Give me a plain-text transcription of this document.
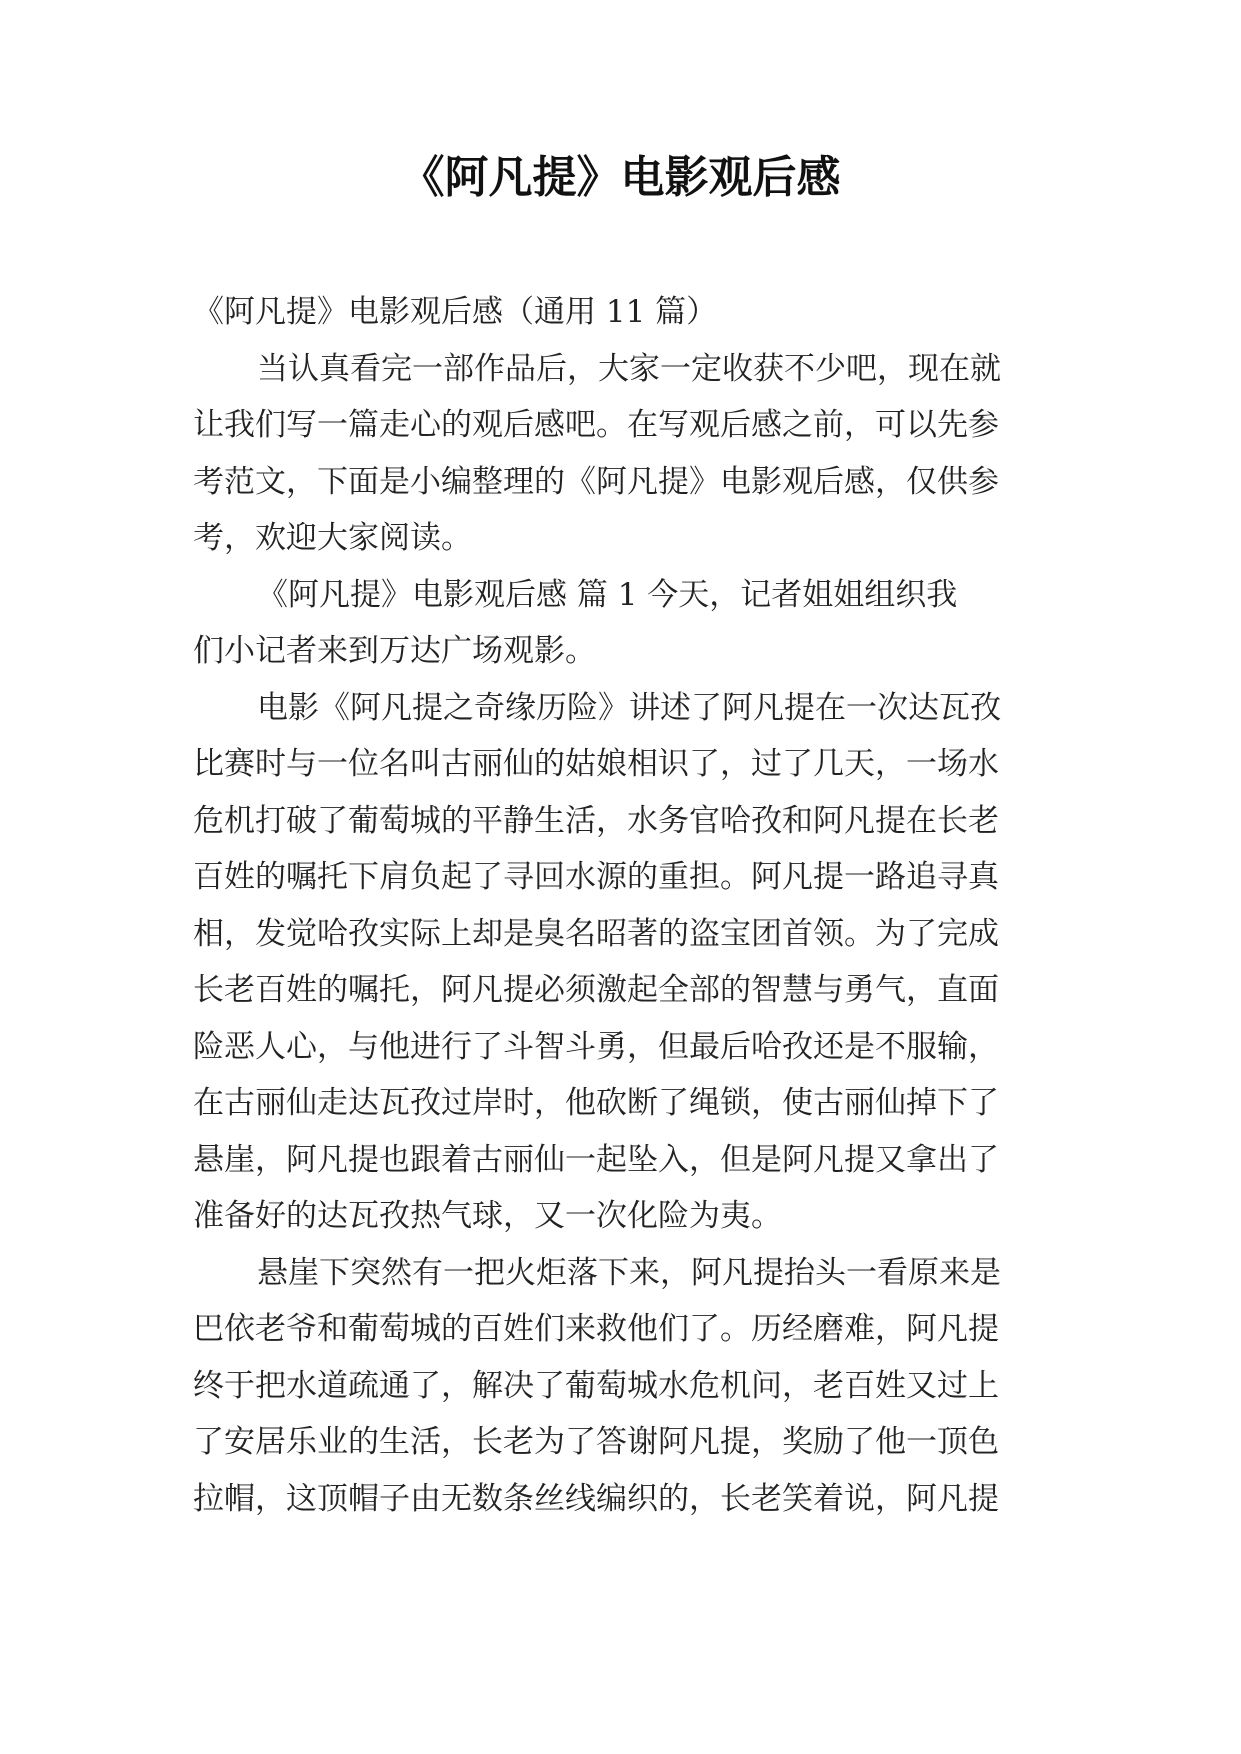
《阿凡提》电影观后感
《阿凡提》电影观后感（通用 11 篇）
当认真看完一部作品后，大家一定收获不少吧，现在就
让我们写一篇走心的观后感吧。在写观后感之前，可以先参
考范文，下面是小编整理的《阿凡提》电影观后感，仅供参
考，欢迎大家阅读。
《阿凡提》电影观后感 篇 1 今天，记者姐姐组织我
们小记者来到万达广场观影。
电影《阿凡提之奇缘历险》讲述了阿凡提在一次达瓦孜
比赛时与一位名叫古丽仙的姑娘相识了，过了几天，一场水
危机打破了葡萄城的平静生活，水务官哈孜和阿凡提在长老
百姓的嘱托下肩负起了寻回水源的重担。阿凡提一路追寻真
相，发觉哈孜实际上却是臭名昭著的盗宝团首领。为了完成
长老百姓的嘱托，阿凡提必须激起全部的智慧与勇气，直面
险恶人心，与他进行了斗智斗勇，但最后哈孜还是不服输，
在古丽仙走达瓦孜过岸时，他砍断了绳锁，使古丽仙掉下了
悬崖，阿凡提也跟着古丽仙一起坠入，但是阿凡提又拿出了
准备好的达瓦孜热气球，又一次化险为夷。
悬崖下突然有一把火炬落下来，阿凡提抬头一看原来是
巴依老爷和葡萄城的百姓们来救他们了。历经磨难，阿凡提
终于把水道疏通了，解决了葡萄城水危机问，老百姓又过上
了安居乐业的生活，长老为了答谢阿凡提，奖励了他一顶色
拉帽，这顶帽子由无数条丝线编织的，长老笑着说，阿凡提
